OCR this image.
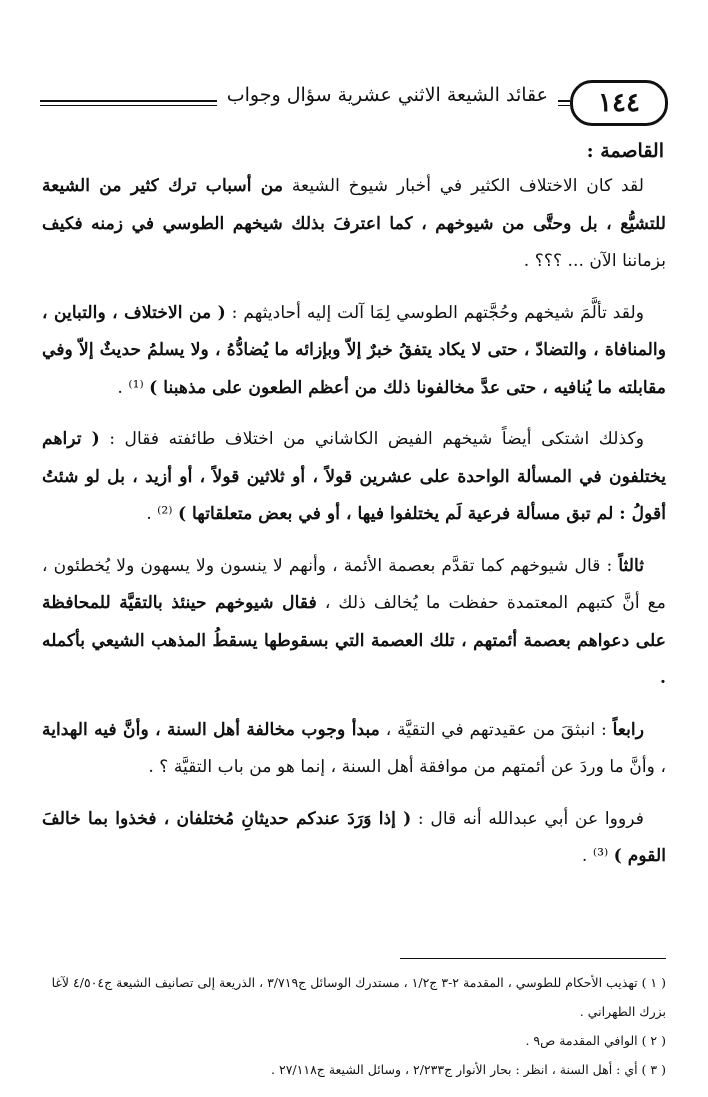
عقائد الشيعة الاثني عشرية سؤال وجواب	١٤٤
القاصمة :

لقد كان الاختلاف الكثير في أخبار شيوخ الشيعة من أسباب ترك كثير من الشيعة للتشيُّع ، بل وحتَّى من شيوخهم ، كما اعترفَ بذلك شيخهم الطوسي في زمنه فكيف بزماننا الآن ... ؟؟؟ .

ولقد تألَّمَ شيخهم وحُجَّتهم الطوسي لِمَا آلت إليه أحاديثهم : ( من الاختلاف ، والتباين ، والمنافاة ، والتضادّ ، حتى لا يكاد يتفقُ خبرٌ إلاّ وبإزائه ما يُضادُّهُ ، ولا يسلمُ حديثٌ إلاّ وفي مقابلته ما يُنافيه ، حتى عدَّ مخالفونا ذلك من أعظم الطعون على مذهبنا ) ⁽¹⁾ .

وكذلك اشتكى أيضاً شيخهم الفيض الكاشاني من اختلاف طائفته فقال : ( تراهم يختلفون في المسألة الواحدة على عشرين قولاً ، أو ثلاثين قولاً ، أو أزيد ، بل لو شئتُ أقولُ : لم تبق مسألة فرعية لَم يختلفوا فيها ، أو في بعض متعلقاتها ) ⁽²⁾ .

ثالثاً : قال شيوخهم كما تقدَّم بعصمة الأئمة ، وأنهم لا ينسون ولا يسهون ولا يُخطئون ، مع أنَّ كتبهم المعتمدة حفظت ما يُخالف ذلك ، فقال شيوخهم حينئذ بالتقيَّة للمحافظة على دعواهم بعصمة أئمتهم ، تلك العصمة التي بسقوطها يسقطُ المذهب الشيعي بأكمله .

رابعاً : انبثقَ من عقيدتهم في التقيَّة ، مبدأ وجوب مخالفة أهل السنة ، وأنَّ فيه الهداية ، وأنَّ ما وردَ عن أئمتهم من موافقة أهل السنة ، إنما هو من باب التقيَّة ؟ .

فرووا عن أبي عبدالله أنه قال : ( إذا وَرَدَ عندكم حديثانِ مُختلفان ، فخذوا بما خالفَ القوم ) ⁽³⁾ .

( ١ ) تهذيب الأحكام للطوسي ، المقدمة ٢-٣ ج١/٢ ، مستدرك الوسائل ج٣/٧١٩ ، الذريعة إلى تصانيف الشيعة ج٤/٥٠٤ لآغا بزرك الطهراني .

( ٢ ) الوافي المقدمة ص٩ .

( ٣ ) أي : أهل السنة ، انظر : بحار الأنوار ج٢/٢٣٣ ، وسائل الشيعة ج٢٧/١١٨ .
